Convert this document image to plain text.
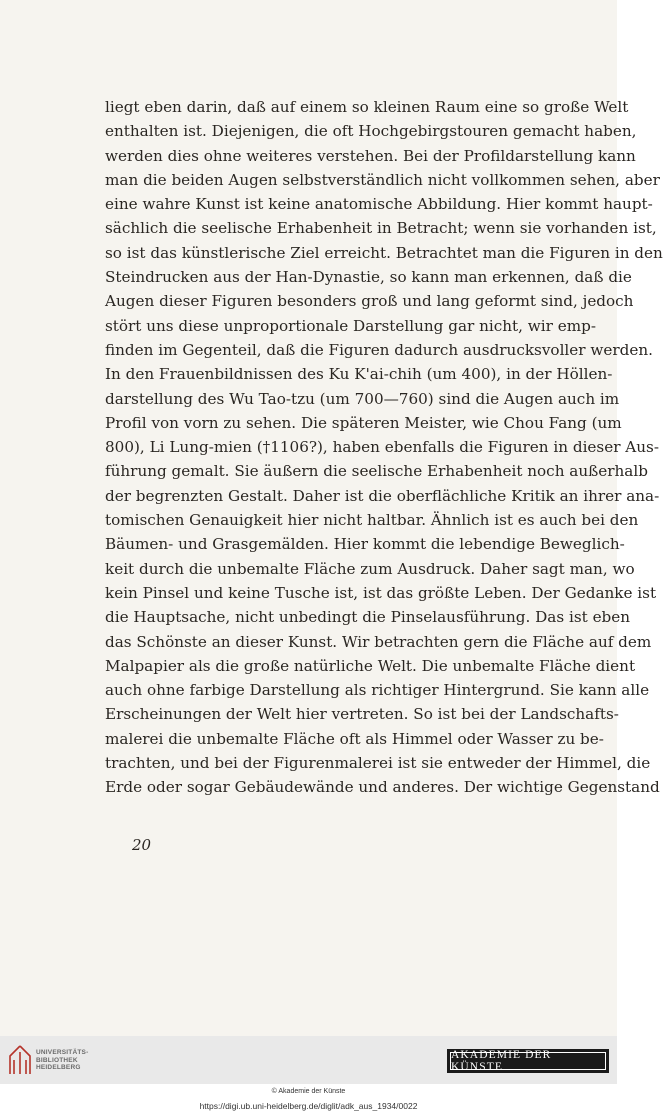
liegt eben darin, daß auf einem so kleinen Raum eine so große Welt
enthalten ist. Diejenigen, die oft Hochgebirgstouren gemacht haben,
werden dies ohne weiteres verstehen. Bei der Profildarstellung kann
man die beiden Augen selbstverständlich nicht vollkommen sehen, aber
eine wahre Kunst ist keine anatomische Abbildung. Hier kommt haupt-
sächlich die seelische Erhabenheit in Betracht; wenn sie vorhanden ist,
so ist das künstlerische Ziel erreicht. Betrachtet man die Figuren in den
Steindrucken aus der Han-Dynastie, so kann man erkennen, daß die
Augen dieser Figuren besonders groß und lang geformt sind, jedoch
stört uns diese unproportionale Darstellung gar nicht, wir emp-
finden im Gegenteil, daß die Figuren dadurch ausdrucksvoller werden.
In den Frauenbildnissen des Ku K'ai-chih (um 400), in der Höllen-
darstellung des Wu Tao-tzu (um 700—760) sind die Augen auch im
Profil von vorn zu sehen. Die späteren Meister, wie Chou Fang (um
800), Li Lung-mien (†1106?), haben ebenfalls die Figuren in dieser Aus-
führung gemalt. Sie äußern die seelische Erhabenheit noch außerhalb
der begrenzten Gestalt. Daher ist die oberflächliche Kritik an ihrer ana-
tomischen Genauigkeit hier nicht haltbar. Ähnlich ist es auch bei den
Bäumen- und Grasgemälden. Hier kommt die lebendige Beweglich-
keit durch die unbemalte Fläche zum Ausdruck. Daher sagt man, wo
kein Pinsel und keine Tusche ist, ist das größte Leben. Der Gedanke ist
die Hauptsache, nicht unbedingt die Pinselausführung. Das ist eben
das Schönste an dieser Kunst. Wir betrachten gern die Fläche auf dem
Malpapier als die große natürliche Welt. Die unbemalte Fläche dient
auch ohne farbige Darstellung als richtiger Hintergrund. Sie kann alle
Erscheinungen der Welt hier vertreten. So ist bei der Landschafts-
malerei die unbemalte Fläche oft als Himmel oder Wasser zu be-
trachten, und bei der Figurenmalerei ist sie entweder der Himmel, die
Erde oder sogar Gebäudewände und anderes. Der wichtige Gegenstand
20
UNIVERSITÄTS-
BIBLIOTHEK
HEIDELBERG
AKADEMIE DER KÜNSTE
© Akademie der Künste
https://digi.ub.uni-heidelberg.de/diglit/adk_aus_1934/0022
